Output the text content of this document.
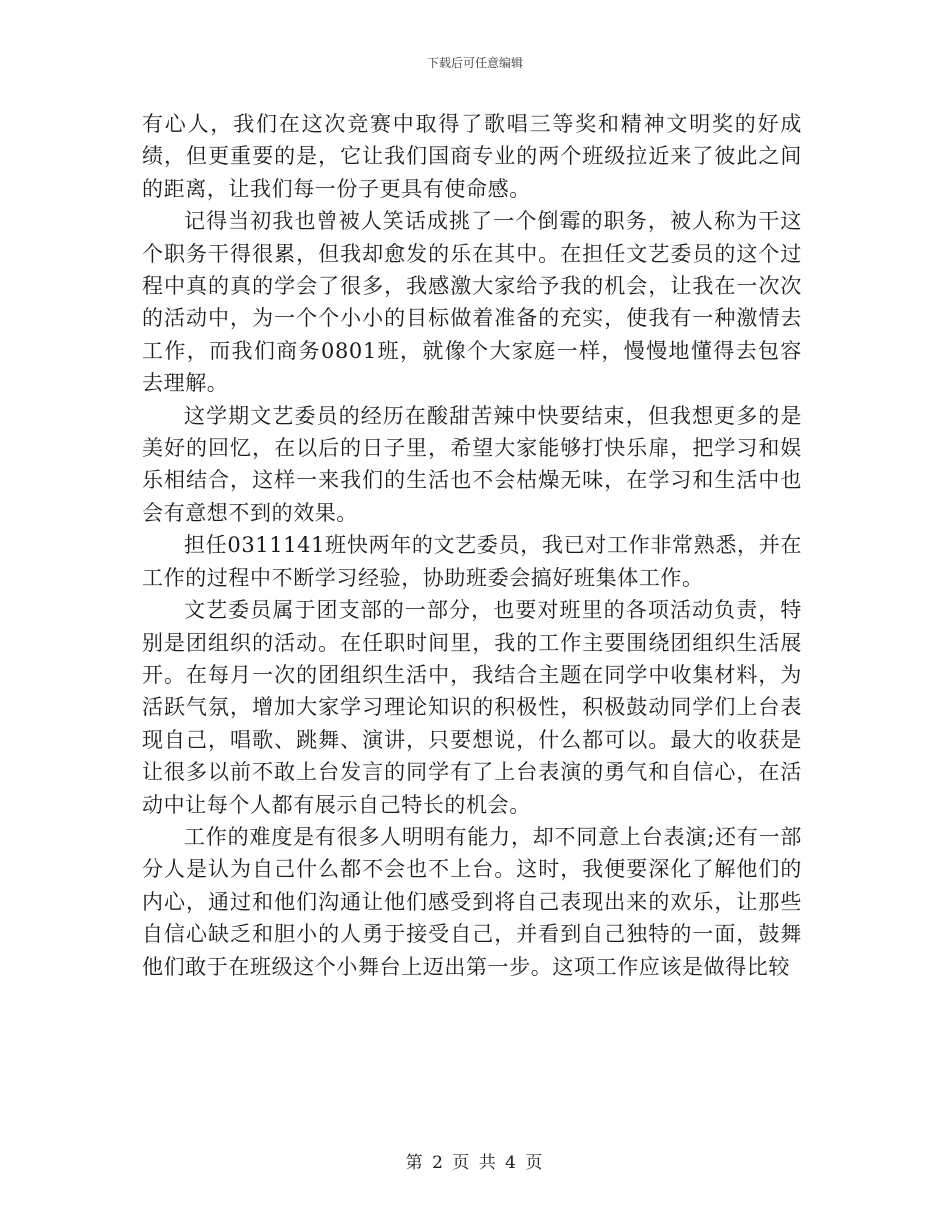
下载后可任意编辑

有心人，我们在这次竞赛中取得了歌唱三等奖和精神文明奖的好成绩，但更重要的是，它让我们国商专业的两个班级拉近来了彼此之间的距离，让我们每一份子更具有使命感。

记得当初我也曾被人笑话成挑了一个倒霉的职务，被人称为干这个职务干得很累，但我却愈发的乐在其中。在担任文艺委员的这个过程中真的真的学会了很多，我感激大家给予我的机会，让我在一次次的活动中，为一个个小小的目标做着准备的充实，使我有一种激情去工作，而我们商务0801班，就像个大家庭一样，慢慢地懂得去包容去理解。

这学期文艺委员的经历在酸甜苦辣中快要结束，但我想更多的是美好的回忆，在以后的日子里，希望大家能够打快乐扉，把学习和娱乐相结合，这样一来我们的生活也不会枯燥无味，在学习和生活中也会有意想不到的效果。

担任0311141班快两年的文艺委员，我已对工作非常熟悉，并在工作的过程中不断学习经验，协助班委会搞好班集体工作。

文艺委员属于团支部的一部分，也要对班里的各项活动负责，特别是团组织的活动。在任职时间里，我的工作主要围绕团组织生活展开。在每月一次的团组织生活中，我结合主题在同学中收集材料，为活跃气氛，增加大家学习理论知识的积极性，积极鼓动同学们上台表现自己，唱歌、跳舞、演讲，只要想说，什么都可以。最大的收获是让很多以前不敢上台发言的同学有了上台表演的勇气和自信心，在活动中让每个人都有展示自己特长的机会。

工作的难度是有很多人明明有能力，却不同意上台表演;还有一部分人是认为自己什么都不会也不上台。这时，我便要深化了解他们的内心，通过和他们沟通让他们感受到将自己表现出来的欢乐，让那些自信心缺乏和胆小的人勇于接受自己，并看到自己独特的一面，鼓舞他们敢于在班级这个小舞台上迈出第一步。这项工作应该是做得比较

第 2 页 共 4 页
